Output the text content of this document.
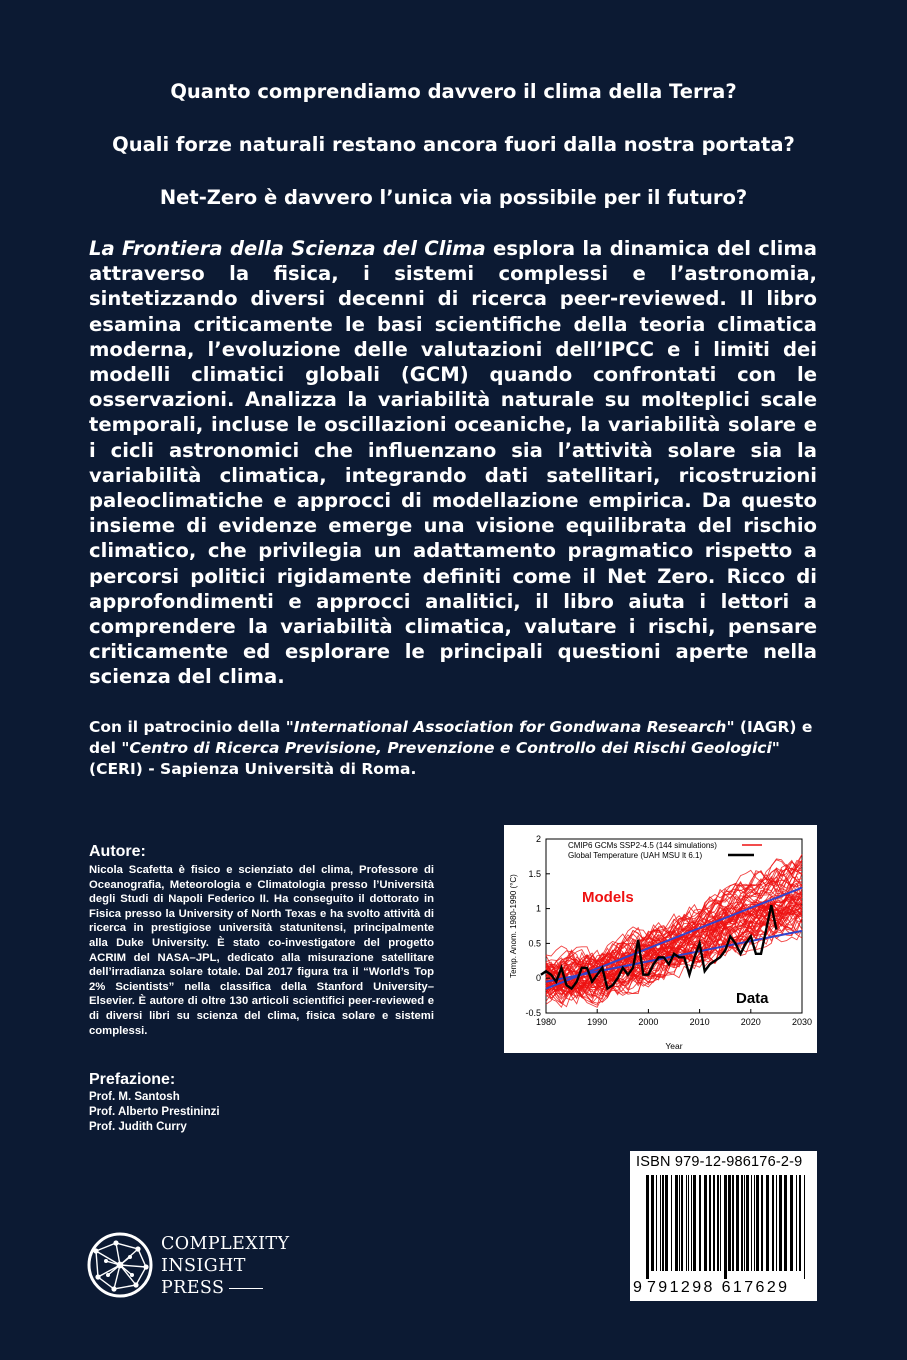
Quanto comprendiamo davvero il clima della Terra?

Quali forze naturali restano ancora fuori dalla nostra portata?

Net-Zero è davvero l’unica via possibile per il futuro?

La Frontiera della Scienza del Clima esplora la dinamica del clima attraverso la fisica, i sistemi complessi e l’astronomia, sintetizzando diversi decenni di ricerca peer-reviewed. Il libro esamina criticamente le basi scientifiche della teoria climatica moderna, l’evoluzione delle valutazioni dell’IPCC e i limiti dei modelli climatici globali (GCM) quando confrontati con le osservazioni. Analizza la variabilità naturale su molteplici scale temporali, incluse le oscillazioni oceaniche, la variabilità solare e i cicli astronomici che influenzano sia l’attività solare sia la variabilità climatica, integrando dati satellitari, ricostruzioni paleoclimatiche e approcci di modellazione empirica. Da questo insieme di evidenze emerge una visione equilibrata del rischio climatico, che privilegia un adattamento pragmatico rispetto a percorsi politici rigidamente definiti come il Net Zero. Ricco di approfondimenti e approcci analitici, il libro aiuta i lettori a comprendere la variabilità climatica, valutare i rischi, pensare criticamente ed esplorare le principali questioni aperte nella scienza del clima.

Con il patrocinio della "International Association for Gondwana Research" (IAGR) e del "Centro di Ricerca Previsione, Prevenzione e Controllo dei Rischi Geologici" (CERI) - Sapienza Università di Roma.

Autore:

Nicola Scafetta è fisico e scienziato del clima, Professore di Oceanografia, Meteorologia e Climatologia presso l’Università degli Studi di Napoli Federico II. Ha conseguito il dottorato in Fisica presso la University of North Texas e ha svolto attività di ricerca in prestigiose università statunitensi, principalmente alla Duke University. È stato co-investigatore del progetto ACRIM del NASA–JPL, dedicato alla misurazione satellitare dell’irradianza solare totale. Dal 2017 figura tra il “World’s Top 2% Scientists” nella classifica della Stanford University–Elsevier. È autore di oltre 130 articoli scientifici peer-reviewed e di diversi libri su scienza del clima, fisica solare e sistemi complessi.

Prefazione:
Prof. M. Santosh
Prof. Alberto Prestininzi
Prof. Judith Curry
1980	1990	2000	2010	2020	2030
-0.5
0
0.5
1
1.5
2
Year
Temp. Anom. 1980-1990 (°C)
CMIP6 GCMs SSP2-4.5 (144 simulations)
Global Temperature (UAH MSU lt 6.1)
Models
Data
ISBN 979-12-986176-2-9
9 791298 617629
COMPLEXITY
INSIGHT
PRESS
